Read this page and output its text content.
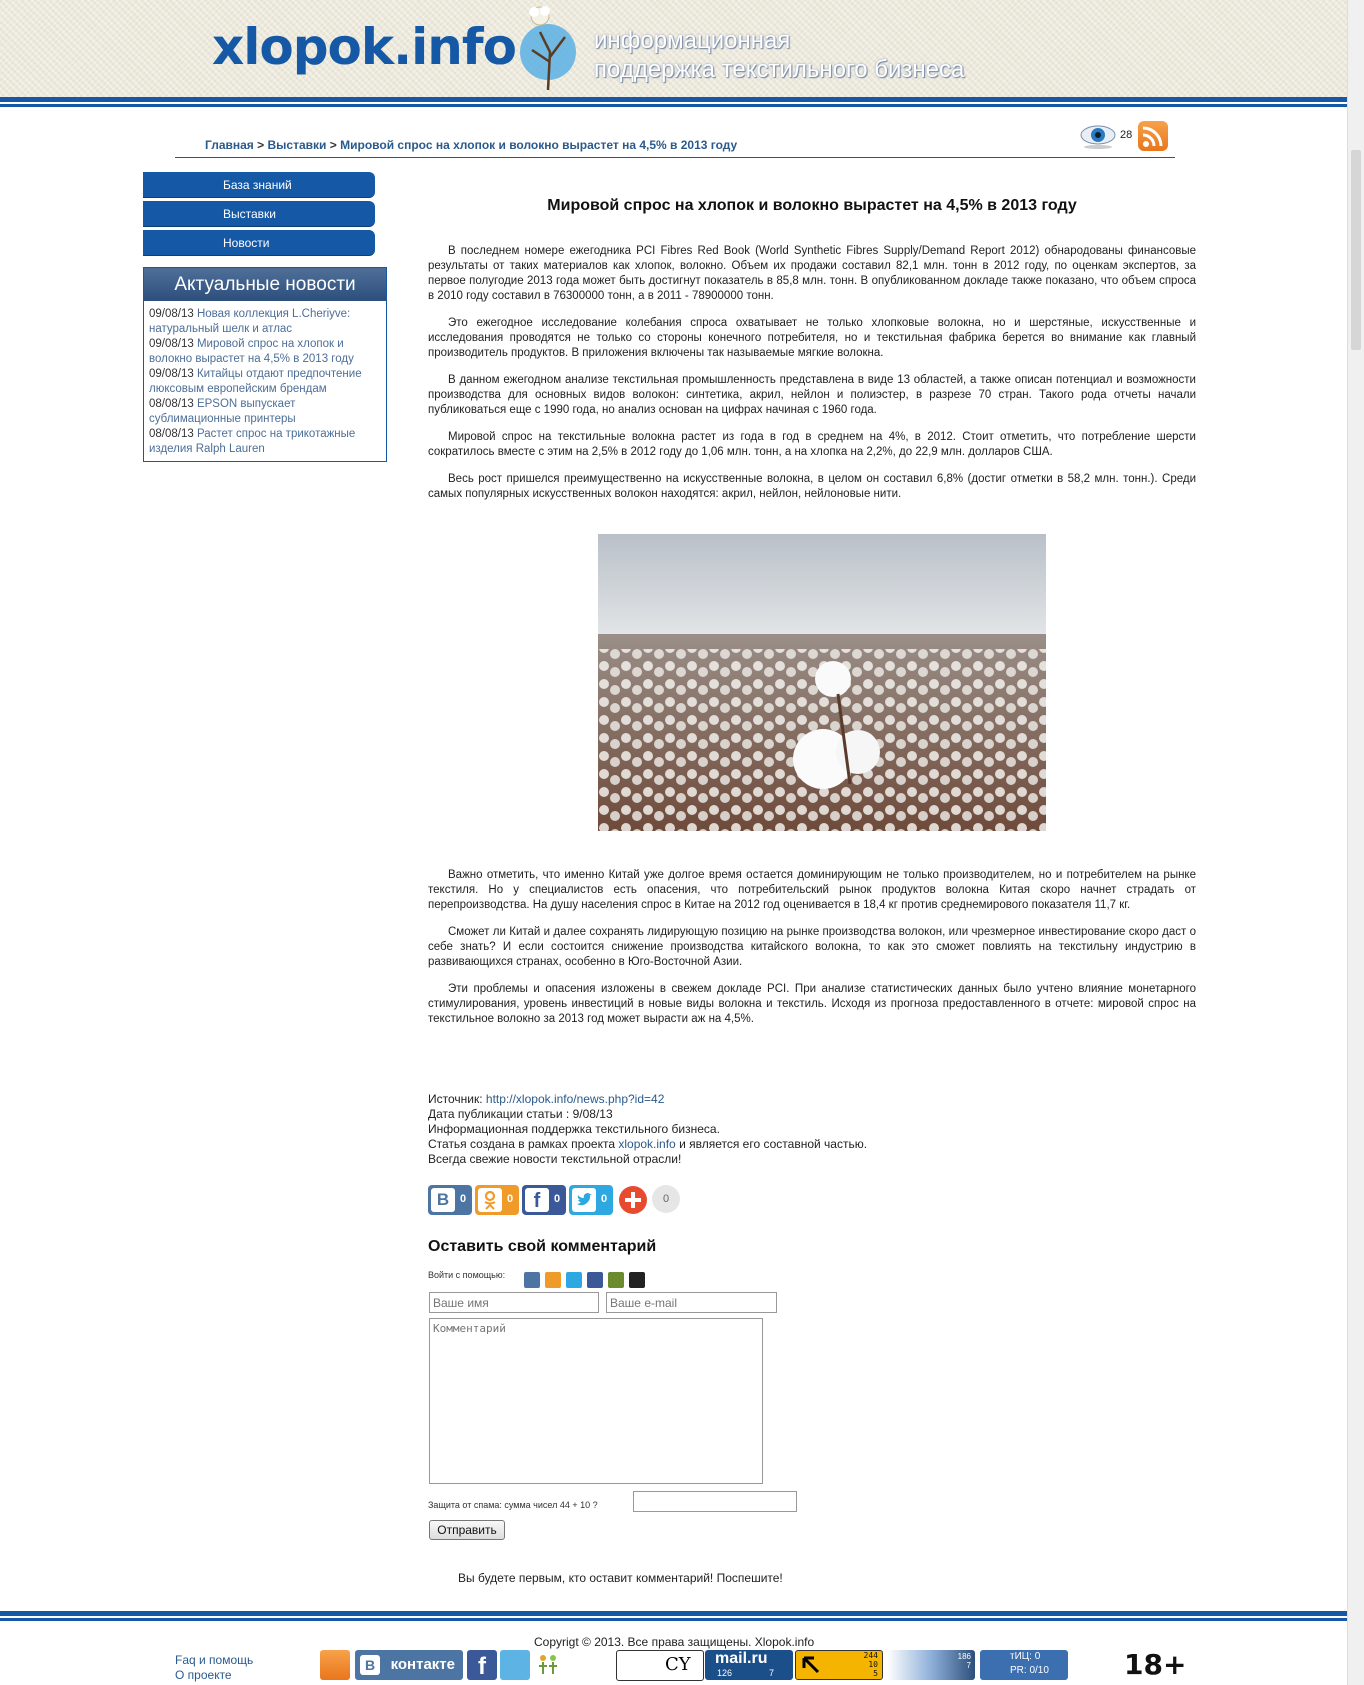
xlopok.info	информационная
поддержка текстильного бизнеса
Главная > Выставки > Мировой спрос на хлопок и волокно вырастет на 4,5% в 2013 году
28
База знаний
Выставки
Новости
Актуальные новости
09/08/13 Новая коллекция L.Cheriyve: натуральный шелк и атлас
09/08/13 Мировой спрос на хлопок и волокно вырастет на 4,5% в 2013 году
09/08/13 Китайцы отдают предпочтение люксовым европейским брендам
08/08/13 EPSON выпускает сублимационные принтеры
08/08/13 Растет спрос на трикотажные изделия Ralph Lauren
Мировой спрос на хлопок и волокно вырастет на 4,5% в 2013 году

В последнем номере ежегодника PCI Fibres Red Book (World Synthetic Fibres Supply/Demand Report 2012) обнародованы финансовые результаты от таких материалов как хлопок, волокно. Объем их продажи составил 82,1 млн. тонн в 2012 году, по оценкам экспертов, за первое полугодие 2013 года может быть достигнут показатель в 85,8 млн. тонн. В опубликованном докладе также показано, что объем спроса в 2010 году составил в 76300000 тонн, а в 2011 - 78900000 тонн.

Это ежегодное исследование колебания спроса охватывает не только хлопковые волокна, но и шерстяные, искусственные и исследования проводятся не только со стороны конечного потребителя, но и текстильная фабрика берется во внимание как главный производитель продуктов. В приложения включены так называемые мягкие волокна.

В данном ежегодном анализе текстильная промышленность представлена в виде 13 областей, а также описан потенциал и возможности производства для основных видов волокон: синтетика, акрил, нейлон и полиэстер, в разрезе 70 стран. Такого рода отчеты начали публиковаться еще с 1990 года, но анализ основан на цифрах начиная с 1960 года.

Мировой спрос на текстильные волокна растет из года в год в среднем на 4%, в 2012. Стоит отметить, что потребление шерсти сократилось вместе с этим на 2,5% в 2012 году до 1,06 млн. тонн, а на хлопка на 2,2%, до 22,9 млн. долларов США.

Весь рост пришелся преимущественно на искусственные волокна, в целом он составил 6,8% (достиг отметки в 58,2 млн. тонн.). Среди самых популярных искусственных волокон находятся: акрил, нейлон, нейлоновые нити.

Важно отметить, что именно Китай уже долгое время остается доминирующим не только производителем, но и потребителем на рынке текстиля. Но у специалистов есть опасения, что потребительский рынок продуктов волокна Китая скоро начнет страдать от перепроизводства. На душу населения спрос в Китае на 2012 год оценивается в 18,4 кг против среднемирового показателя 11,7 кг.

Сможет ли Китай и далее сохранять лидирующую позицию на рынке производства волокон, или чрезмерное инвестирование скоро даст о себе знать? И если состоится снижение производства китайского волокна, то как это сможет повлиять на текстильну индустрию в развивающихся странах, особенно в Юго-Восточной Азии.

Эти проблемы и опасения изложены в свежем докладе PCI. При анализе статистических данных было учтено влияние монетарного стимулирования, уровень инвестиций в новые виды волокна и текстиль. Исходя из прогноза предоставленного в отчете: мировой спрос на текстильное волокно за 2013 год может вырасти аж на 4,5%.

Источник: http://xlopok.info/news.php?id=42
Дата публикации статьи : 9/08/13
Информационная поддержка текстильного бизнеса.
Статья создана в рамках проекта xlopok.info и является его составной частью.
Всегда свежие новости текстильной отрасли!
В 0	0	f	0	0	0
Оставить свой комментарий
Войти с помощью:
Ваше имя
Ваше e-mail
Комментарий
Защита от спама: сумма чисел 44 + 10 ?
Отправить
Вы будете первым, кто оставит комментарий! Поспешите!
Copyrigt © 2013. Все права защищены. Xlopok.info
Faq и помощь
О проекте
В	контакте f	CY mail.ru
126	7
244
10
5
186
7
тИЦ: 0
PR: 0/10	18+
